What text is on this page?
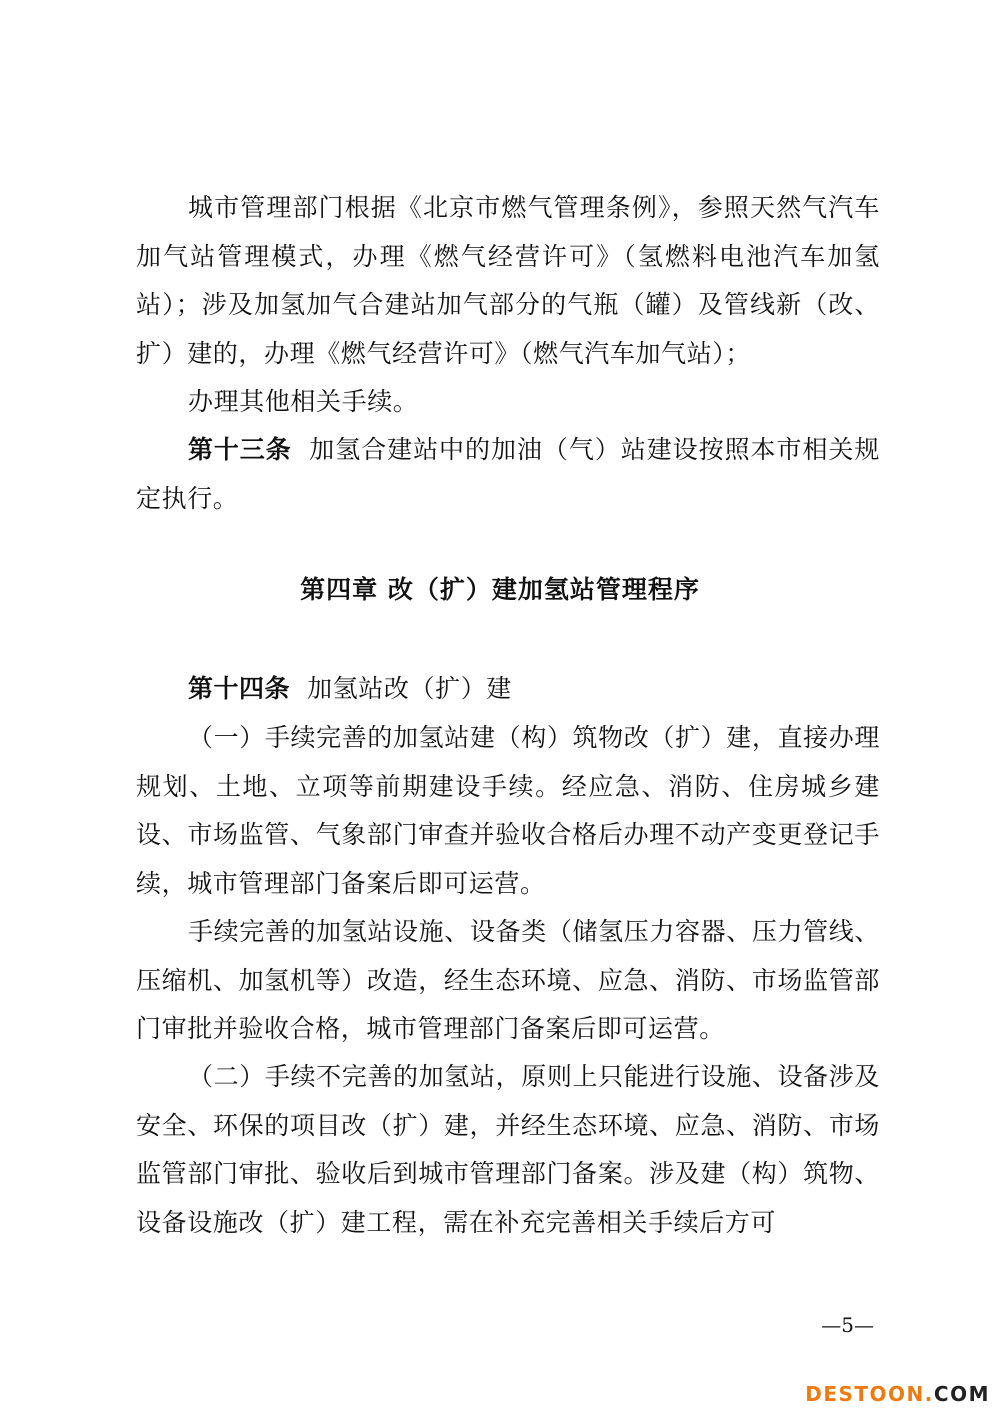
城市管理部门根据《北京市燃气管理条例》，参照天然气汽车加气站管理模式，办理《燃气经营许可》（氢燃料电池汽车加氢站）；涉及加氢加气合建站加气部分的气瓶（罐）及管线新（改、扩）建的，办理《燃气经营许可》（燃气汽车加气站）；

办理其他相关手续。

第十三条 加氢合建站中的加油（气）站建设按照本市相关规定执行。

第四章 改（扩）建加氢站管理程序

第十四条 加氢站改（扩）建

（一）手续完善的加氢站建（构）筑物改（扩）建，直接办理规划、土地、立项等前期建设手续。经应急、消防、住房城乡建设、市场监管、气象部门审查并验收合格后办理不动产变更登记手续，城市管理部门备案后即可运营。

手续完善的加氢站设施、设备类（储氢压力容器、压力管线、压缩机、加氢机等）改造，经生态环境、应急、消防、市场监管部门审批并验收合格，城市管理部门备案后即可运营。

（二）手续不完善的加氢站，原则上只能进行设施、设备涉及安全、环保的项目改（扩）建，并经生态环境、应急、消防、市场监管部门审批、验收后到城市管理部门备案。涉及建（构）筑物、设备设施改（扩）建工程，需在补充完善相关手续后方可

—5—
DESTOON.COM
